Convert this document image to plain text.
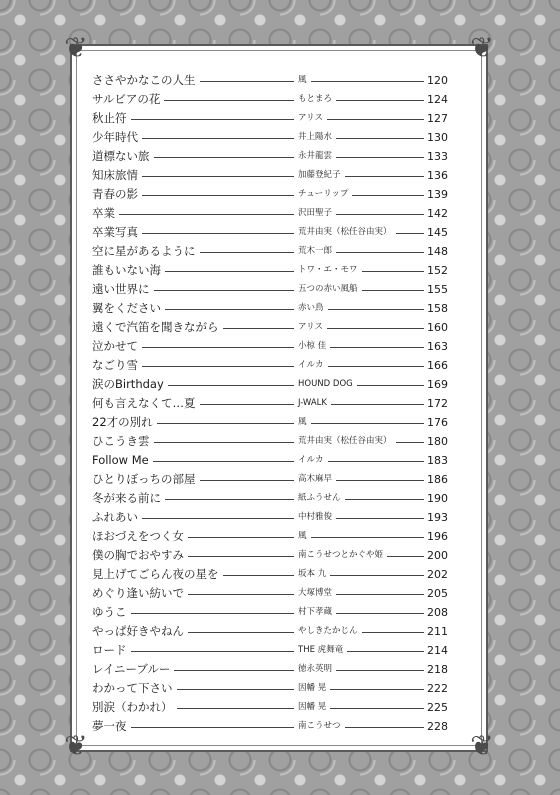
❦	❦
❦	❦
ささやかなこの人生	風	120
サルビアの花	もとまろ	124
秋止符	アリス	127
少年時代	井上陽水	130
道標ない旅	永井龍雲	133
知床旅情	加藤登紀子	136
青春の影	チューリップ	139
卒業	沢田聖子	142
卒業写真	荒井由実（松任谷由実）	145
空に星があるように	荒木一郎	148
誰もいない海	トワ・エ・モワ	152
遠い世界に	五つの赤い風船	155
翼をください	赤い鳥	158
遠くで汽笛を聞きながら	アリス	160
泣かせて	小椋 佳	163
なごり雪	イルカ	166
涙のBirthday	HOUND DOG	169
何も言えなくて…夏	J-WALK	172
22才の別れ	風	176
ひこうき雲	荒井由実（松任谷由実）	180
Follow Me	イルカ	183
ひとりぼっちの部屋	高木麻早	186
冬が来る前に	紙ふうせん	190
ふれあい	中村雅俊	193
ほおづえをつく女	風	196
僕の胸でおやすみ	南こうせつとかぐや姫	200
見上げてごらん夜の星を	坂本 九	202
めぐり逢い紡いで	大塚博堂	205
ゆうこ	村下孝蔵	208
やっぱ好きやねん	やしきたかじん	211
ロード	THE 虎舞竜	214
レイニーブルー	徳永英明	218
わかって下さい	因幡 晃	222
別涙（わかれ）	因幡 晃	225
夢一夜	南こうせつ	228
